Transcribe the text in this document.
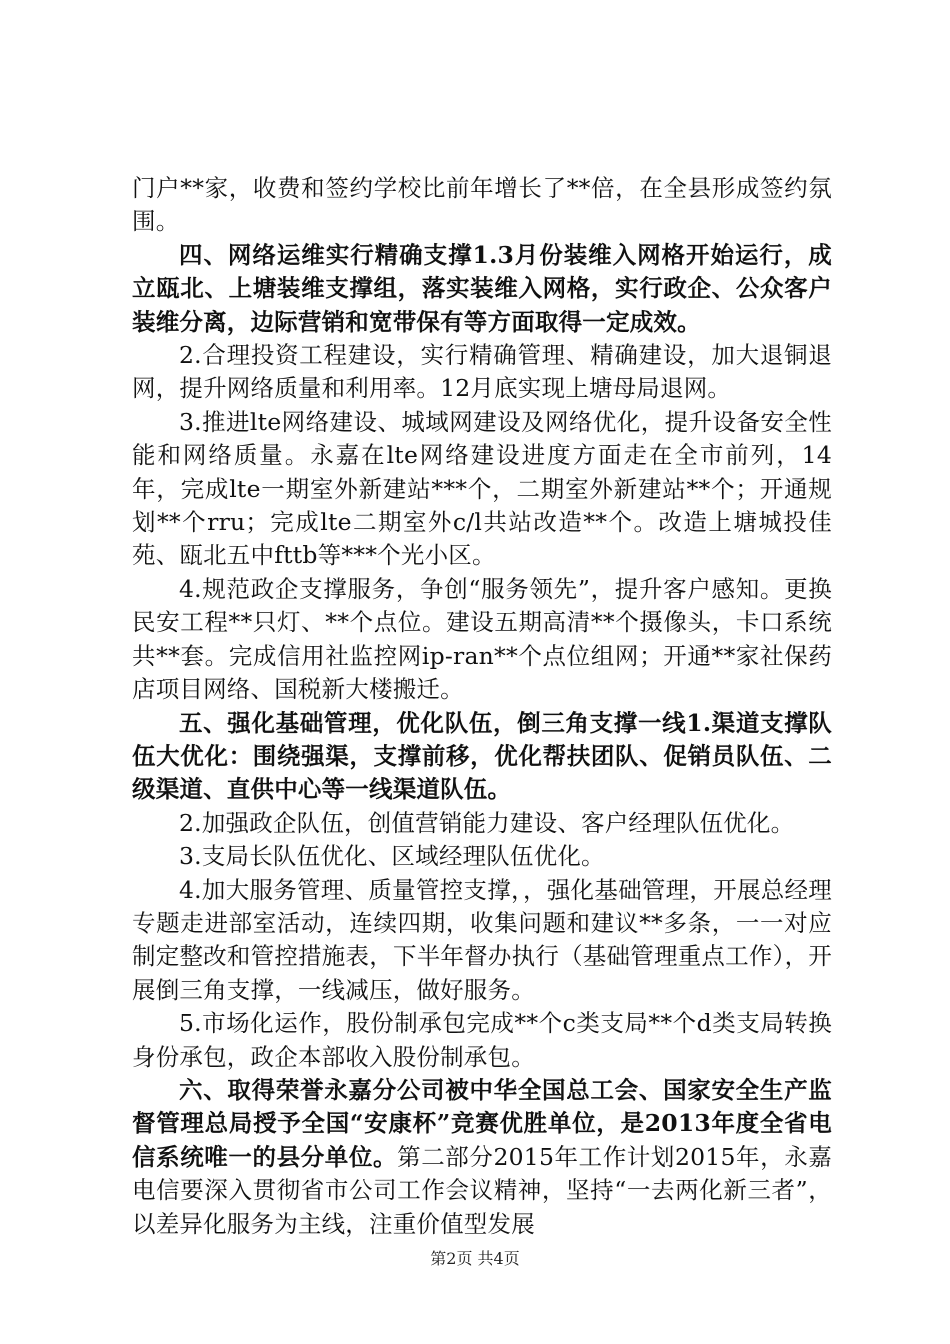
门户**家，收费和签约学校比前年增长了**倍，在全县形成签约氛围。

四、网络运维实行精确支撑1.3月份装维入网格开始运行，成立瓯北、上塘装维支撑组，落实装维入网格，实行政企、公众客户装维分离，边际营销和宽带保有等方面取得一定成效。

2.合理投资工程建设，实行精确管理、精确建设，加大退铜退网，提升网络质量和利用率。12月底实现上塘母局退网。

3.推进lte网络建设、城域网建设及网络优化，提升设备安全性能和网络质量。永嘉在lte网络建设进度方面走在全市前列，14年，完成lte一期室外新建站***个，二期室外新建站**个；开通规划**个rru；完成lte二期室外c/l共站改造**个。改造上塘城投佳苑、瓯北五中fttb等***个光小区。

4.规范政企支撑服务，争创“服务领先”，提升客户感知。更换民安工程**只灯、**个点位。建设五期高清**个摄像头，卡口系统共**套。完成信用社监控网ip-ran**个点位组网；开通**家社保药店项目网络、国税新大楼搬迁。

五、强化基础管理，优化队伍，倒三角支撑一线1.渠道支撑队伍大优化：围绕强渠，支撑前移，优化帮扶团队、促销员队伍、二级渠道、直供中心等一线渠道队伍。

2.加强政企队伍，创值营销能力建设、客户经理队伍优化。

3.支局长队伍优化、区域经理队伍优化。

4.加大服务管理、质量管控支撑，，强化基础管理，开展总经理专题走进部室活动，连续四期，收集问题和建议**多条，一一对应制定整改和管控措施表，下半年督办执行（基础管理重点工作），开展倒三角支撑，一线减压，做好服务。

5.市场化运作，股份制承包完成**个c类支局**个d类支局转换身份承包，政企本部收入股份制承包。

六、取得荣誉永嘉分公司被中华全国总工会、国家安全生产监督管理总局授予全国“安康杯”竞赛优胜单位，是2013年度全省电信系统唯一的县分单位。第二部分2015年工作计划2015年，永嘉电信要深入贯彻省市公司工作会议精神，坚持“一去两化新三者”，以差异化服务为主线，注重价值型发展

第2页 共4页
